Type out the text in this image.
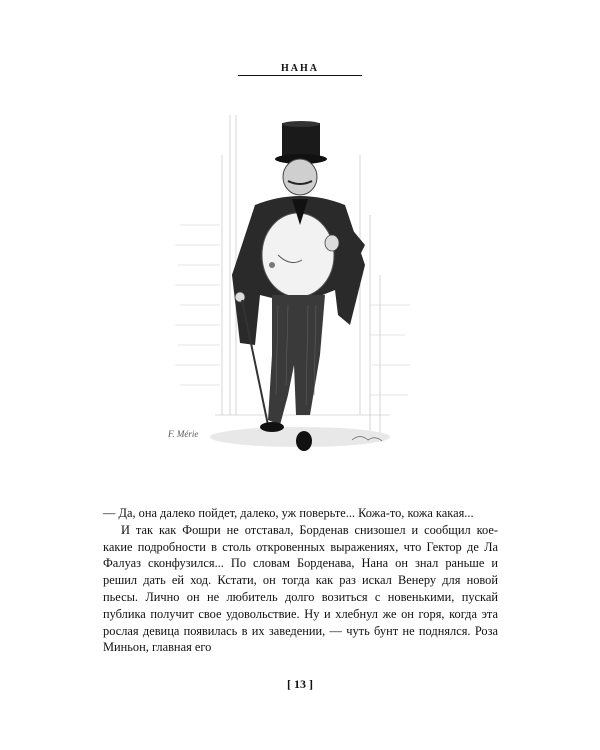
НАНА
F. Mérie

— Да, она далеко пойдет, далеко, уж поверьте... Кожа-то, кожа какая...

И так как Фошри не отставал, Борденав снизошел и сообщил кое-какие подробности в столь откровенных выражениях, что Гектор де Ла Фалуаз сконфузился... По словам Борденава, Нана он знал раньше и решил дать ей ход. Кстати, он тогда как раз искал Венеру для новой пьесы. Лично он не любитель долго возиться с новенькими, пускай публика получит свое удовольствие. Ну и хлебнул же он горя, когда эта рослая девица появилась в их заведении, — чуть бунт не поднялся. Роза Миньон, главная его

[ 13 ]
